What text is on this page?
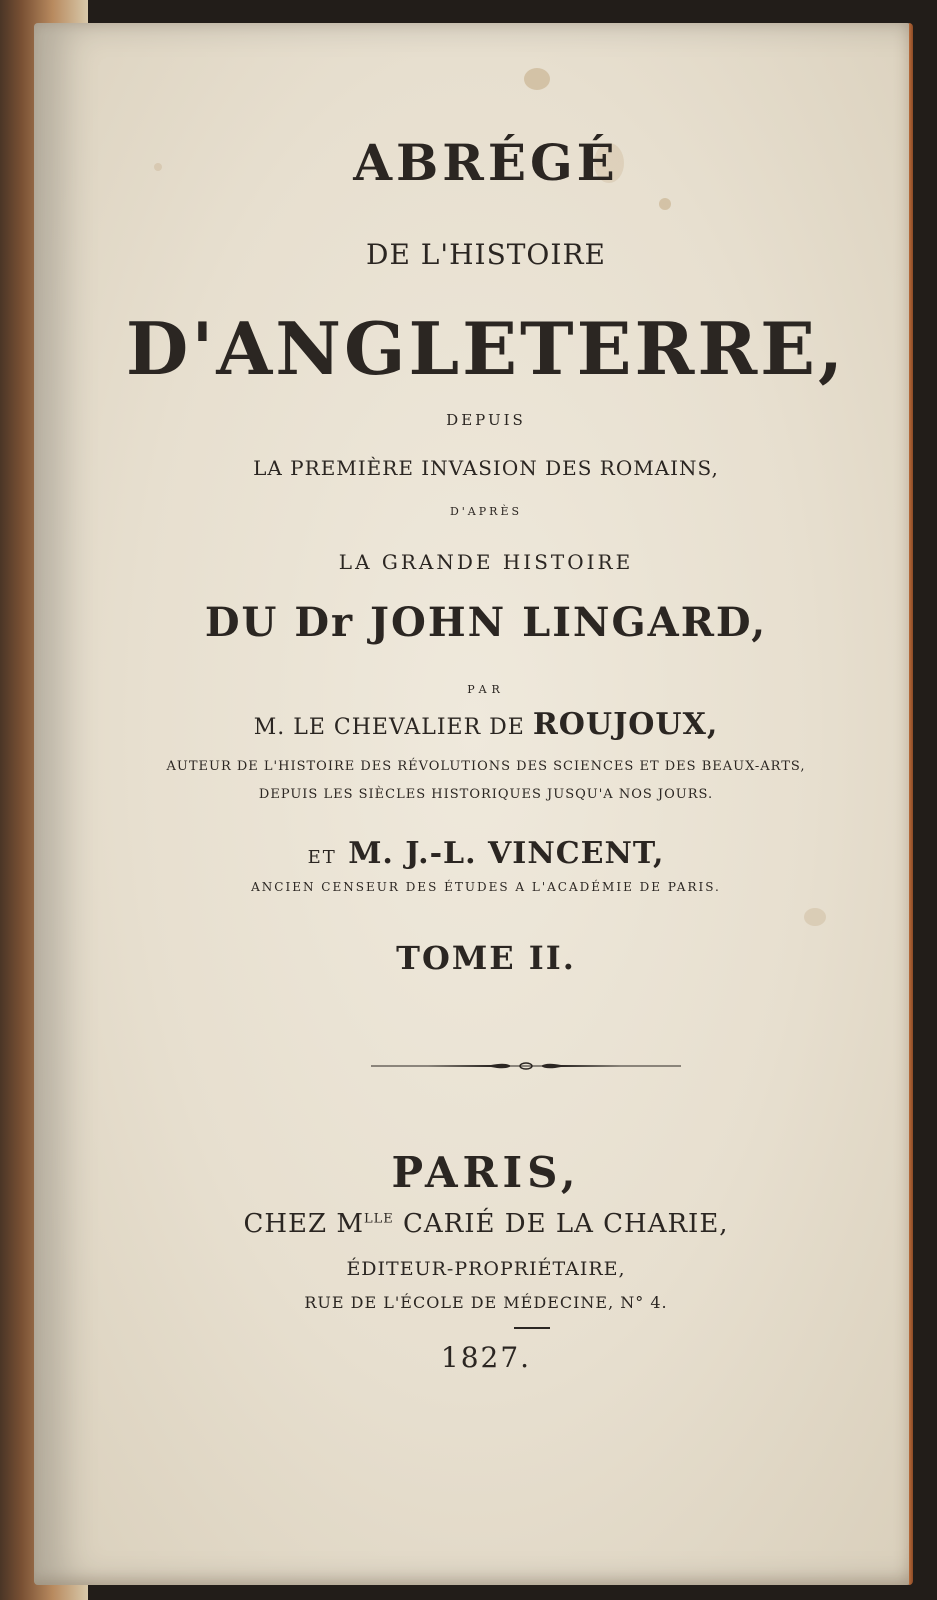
ABRÉGÉ
DE L'HISTOIRE
D'ANGLETERRE,
DEPUIS
LA PREMIÈRE INVASION DES ROMAINS,
D'APRÈS
LA GRANDE HISTOIRE
DU Dr JOHN LINGARD,
PAR
M. LE CHEVALIER DE ROUJOUX,
AUTEUR DE L'HISTOIRE DES RÉVOLUTIONS DES SCIENCES ET DES BEAUX-ARTS,
DEPUIS LES SIÈCLES HISTORIQUES JUSQU'A NOS JOURS.
ET M. J.-L. VINCENT,
ANCIEN CENSEUR DES ÉTUDES A L'ACADÉMIE DE PARIS.
TOME II.
PARIS,
CHEZ $M^{LLE}$ CARIÉ DE LA CHARIE,
ÉDITEUR-PROPRIÉTAIRE,
RUE DE L'ÉCOLE DE MÉDECINE, N° 4.
1827.
